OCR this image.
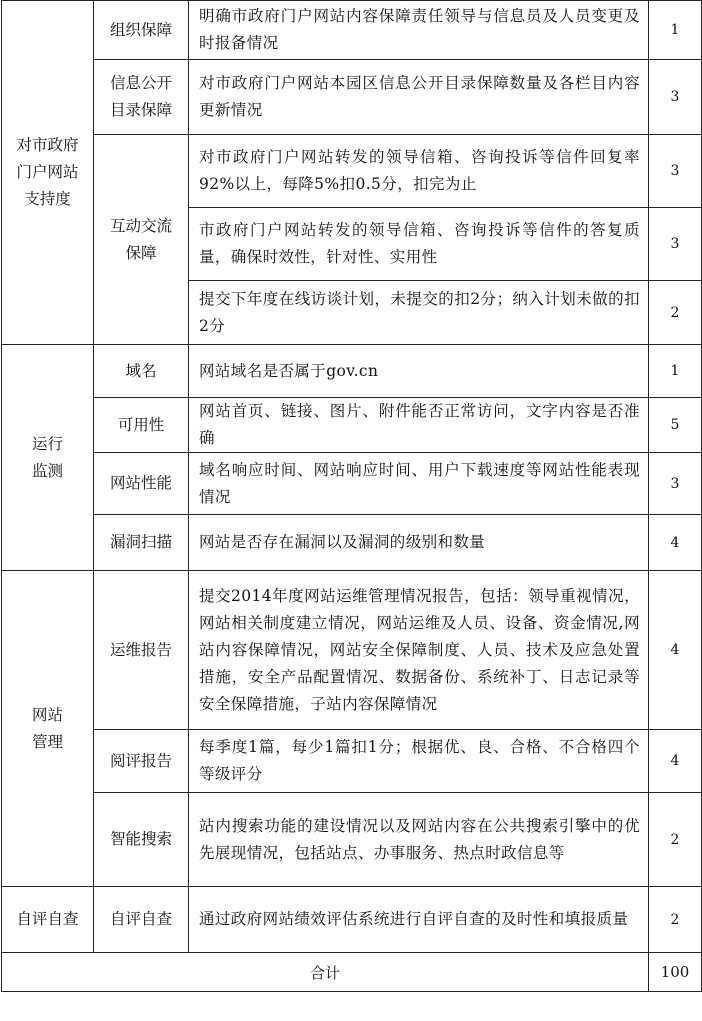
对市政府门户网站支持度	组织保障	明确市政府门户网站内容保障责任领导与信息员及人员变更及时报备情况	1

	信息公开目录保障	对市政府门户网站本园区信息公开目录保障数量及各栏目内容更新情况	3

	互动交流保障	对市政府门户网站转发的领导信箱、咨询投诉等信件回复率92%以上，每降5%扣0.5分，扣完为止	3
		市政府门户网站转发的领导信箱、咨询投诉等信件的答复质量，确保时效性，针对性、实用性	3
		提交下年度在线访谈计划，未提交的扣2分；纳入计划未做的扣2分	2

运行监测	域名	网站域名是否属于gov.cn	1
	可用性	网站首页、链接、图片、附件能否正常访问，文字内容是否准确	5
	网站性能	域名响应时间、网站响应时间、用户下载速度等网站性能表现情况	3
	漏洞扫描	网站是否存在漏洞以及漏洞的级别和数量	4

网站管理	运维报告	提交2014年度网站运维管理情况报告，包括：领导重视情况，网站相关制度建立情况，网站运维及人员、设备、资金情况,网站内容保障情况，网站安全保障制度、人员、技术及应急处置措施，安全产品配置情况、数据备份、系统补丁、日志记录等安全保障措施，子站内容保障情况	4
	阅评报告	每季度1篇，每少1篇扣1分；根据优、良、合格、不合格四个等级评分	4
	智能搜索	站内搜索功能的建设情况以及网站内容在公共搜索引擎中的优先展现情况，包括站点、办事服务、热点时政信息等	2
自评自查	自评自查	通过政府网站绩效评估系统进行自评自查的及时性和填报质量	2
合计			100
